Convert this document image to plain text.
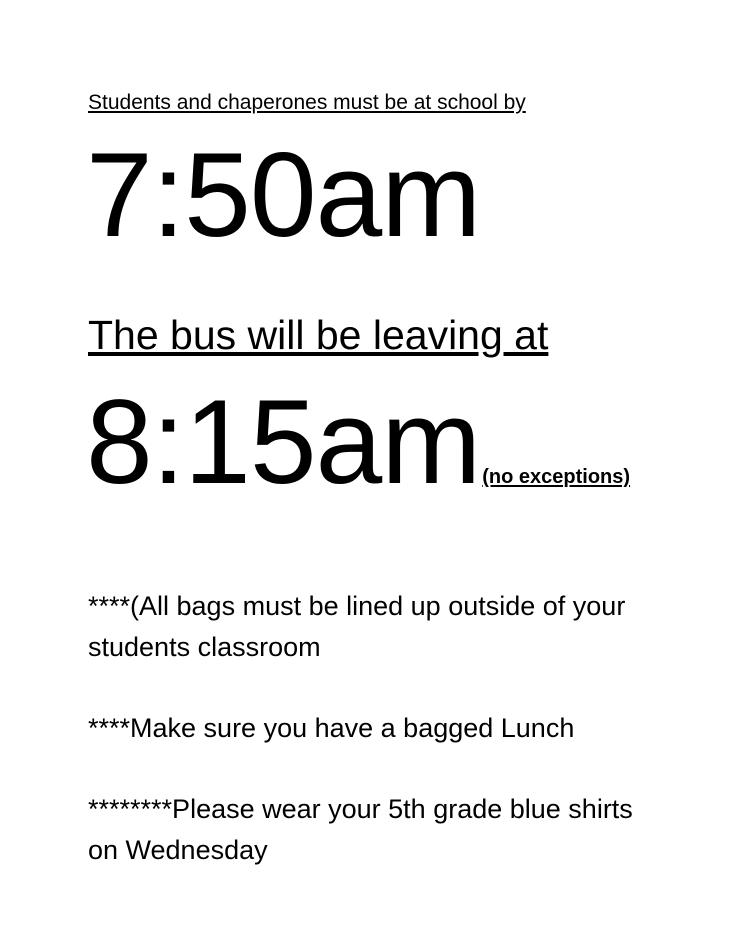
Students and chaperones must be at school by
7:50am
The bus will be leaving at
8:15am (no exceptions)
****(All bags must be lined up outside of your students classroom
****Make sure you have a bagged Lunch
********Please wear your 5th grade blue shirts on Wednesday
